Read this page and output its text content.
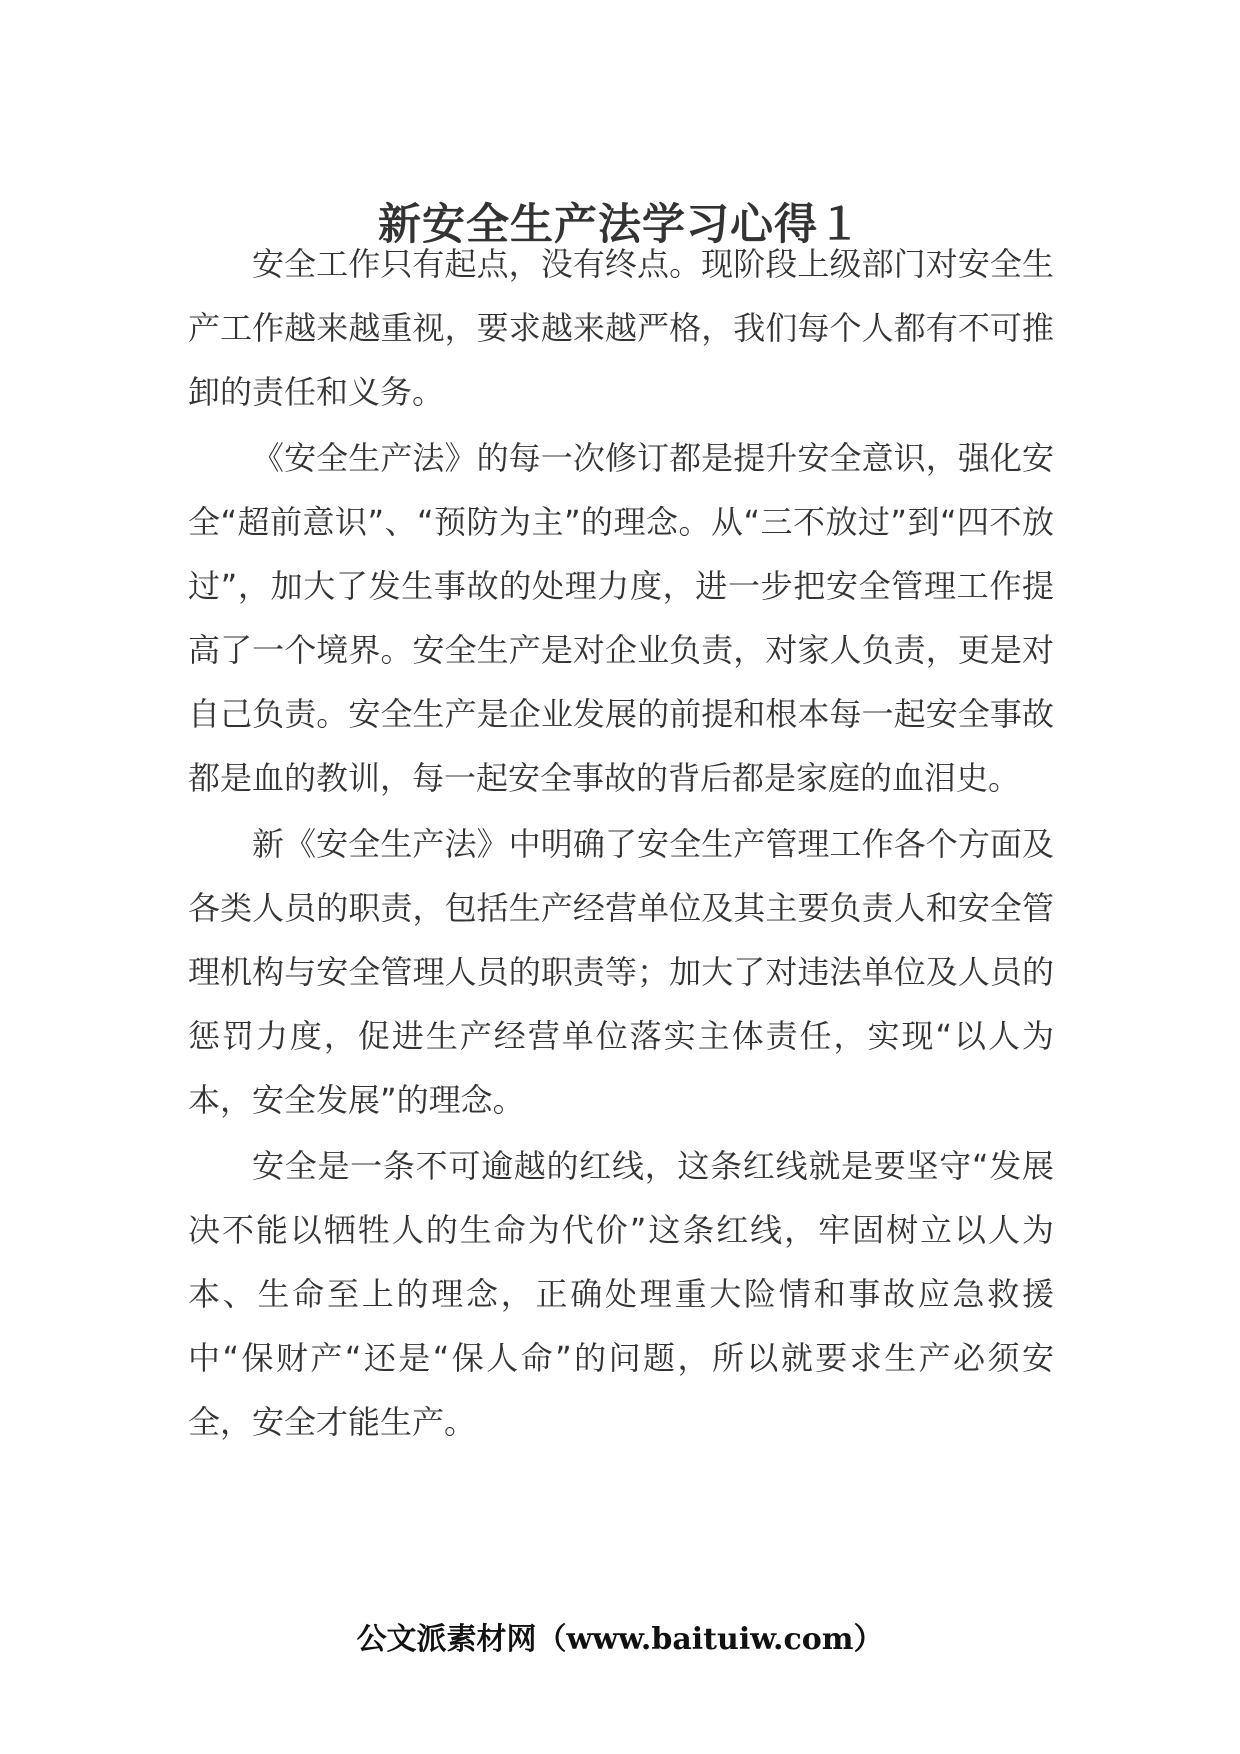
新安全生产法学习心得１

安全工作只有起点，没有终点。现阶段上级部门对安全生产工作越来越重视，要求越来越严格，我们每个人都有不可推卸的责任和义务。

《安全生产法》的每一次修订都是提升安全意识，强化安全“超前意识”、“预防为主”的理念。从“三不放过”到“四不放过”，加大了发生事故的处理力度，进一步把安全管理工作提高了一个境界。安全生产是对企业负责，对家人负责，更是对自己负责。安全生产是企业发展的前提和根本每一起安全事故都是血的教训，每一起安全事故的背后都是家庭的血泪史。

新《安全生产法》中明确了安全生产管理工作各个方面及各类人员的职责，包括生产经营单位及其主要负责人和安全管理机构与安全管理人员的职责等；加大了对违法单位及人员的惩罚力度，促进生产经营单位落实主体责任，实现“以人为本，安全发展”的理念。

安全是一条不可逾越的红线，这条红线就是要坚守“发展决不能以牺牲人的生命为代价”这条红线，牢固树立以人为本、生命至上的理念，正确处理重大险情和事故应急救援中“保财产“还是“保人命”的问题，所以就要求生产必须安全，安全才能生产。

公文派素材网（www.baituiw.com）
